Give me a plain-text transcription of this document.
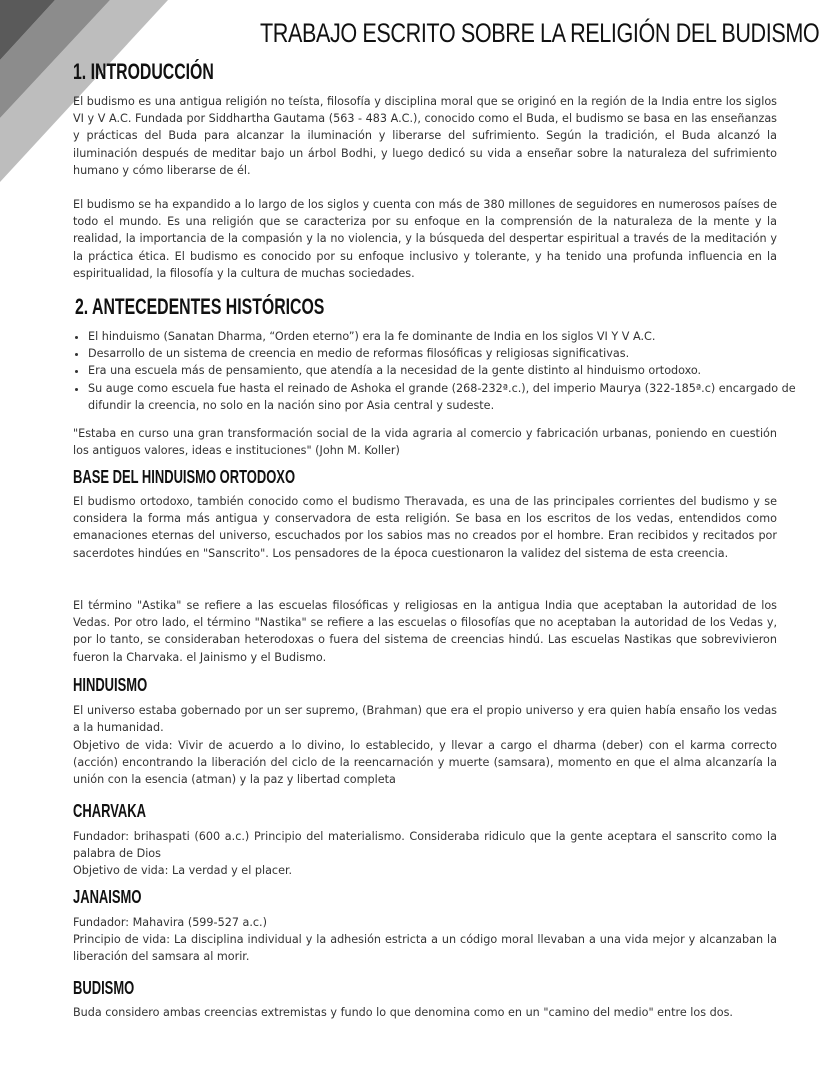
TRABAJO ESCRITO SOBRE LA RELIGIÓN DEL BUDISMO
1. INTRODUCCIÓN

El budismo es una antigua religión no teísta, filosofía y disciplina moral que se originó en la región de la India entre los siglos VI y V A.C. Fundada por Siddhartha Gautama (563 - 483 A.C.), conocido como el Buda, el budismo se basa en las enseñanzas y prácticas del Buda para alcanzar la iluminación y liberarse del sufrimiento. Según la tradición, el Buda alcanzó la iluminación después de meditar bajo un árbol Bodhi, y luego dedicó su vida a enseñar sobre la naturaleza del sufrimiento humano y cómo liberarse de él.

El budismo se ha expandido a lo largo de los siglos y cuenta con más de 380 millones de seguidores en numerosos países de todo el mundo. Es una religión que se caracteriza por su enfoque en la comprensión de la naturaleza de la mente y la realidad, la importancia de la compasión y la no violencia, y la búsqueda del despertar espiritual a través de la meditación y la práctica ética. El budismo es conocido por su enfoque inclusivo y tolerante, y ha tenido una profunda influencia en la espiritualidad, la filosofía y la cultura de muchas sociedades.

2. ANTECEDENTES HISTÓRICOS
• El hinduismo (Sanatan Dharma, “Orden eterno”) era la fe dominante de India en los siglos VI Y V A.C.
• Desarrollo de un sistema de creencia en medio de reformas filosóficas y religiosas significativas.
• Era una escuela más de pensamiento, que atendía a la necesidad de la gente distinto al hinduismo ortodoxo.
• Su auge como escuela fue hasta el reinado de Ashoka el grande (268-232ª.c.), del imperio Maurya (322-185ª.c) encargado de difundir la creencia, no solo en la nación sino por Asia central y sudeste.

"Estaba en curso una gran transformación social de la vida agraria al comercio y fabricación urbanas, poniendo en cuestión los antiguos valores, ideas e instituciones" (John M. Koller)

BASE DEL HINDUISMO ORTODOXO

El budismo ortodoxo, también conocido como el budismo Theravada, es una de las principales corrientes del budismo y se considera la forma más antigua y conservadora de esta religión. Se basa en los escritos de los vedas, entendidos como emanaciones eternas del universo, escuchados por los sabios mas no creados por el hombre. Eran recibidos y recitados por sacerdotes hindúes en "Sanscrito". Los pensadores de la época cuestionaron la validez del sistema de esta creencia.

El término "Astika" se refiere a las escuelas filosóficas y religiosas en la antigua India que aceptaban la autoridad de los Vedas. Por otro lado, el término "Nastika" se refiere a las escuelas o filosofías que no aceptaban la autoridad de los Vedas y, por lo tanto, se consideraban heterodoxas o fuera del sistema de creencias hindú. Las escuelas Nastikas que sobrevivieron fueron la Charvaka. el Jainismo y el Budismo.

HINDUISMO

El universo estaba gobernado por un ser supremo, (Brahman) que era el propio universo y era quien había ensaño los vedas a la humanidad.

Objetivo de vida: Vivir de acuerdo a lo divino, lo establecido, y llevar a cargo el dharma (deber) con el karma correcto (acción) encontrando la liberación del ciclo de la reencarnación y muerte (samsara), momento en que el alma alcanzaría la unión con la esencia (atman) y la paz y libertad completa

CHARVAKA

Fundador: brihaspati (600 a.c.) Principio del materialismo. Consideraba ridiculo que la gente aceptara el sanscrito como la palabra de Dios

Objetivo de vida: La verdad y el placer.

JANAISMO

Fundador: Mahavira (599-527 a.c.)

Principio de vida: La disciplina individual y la adhesión estricta a un código moral llevaban a una vida mejor y alcanzaban la liberación del samsara al morir.

BUDISMO

Buda considero ambas creencias extremistas y fundo lo que denomina como en un "camino del medio" entre los dos.
